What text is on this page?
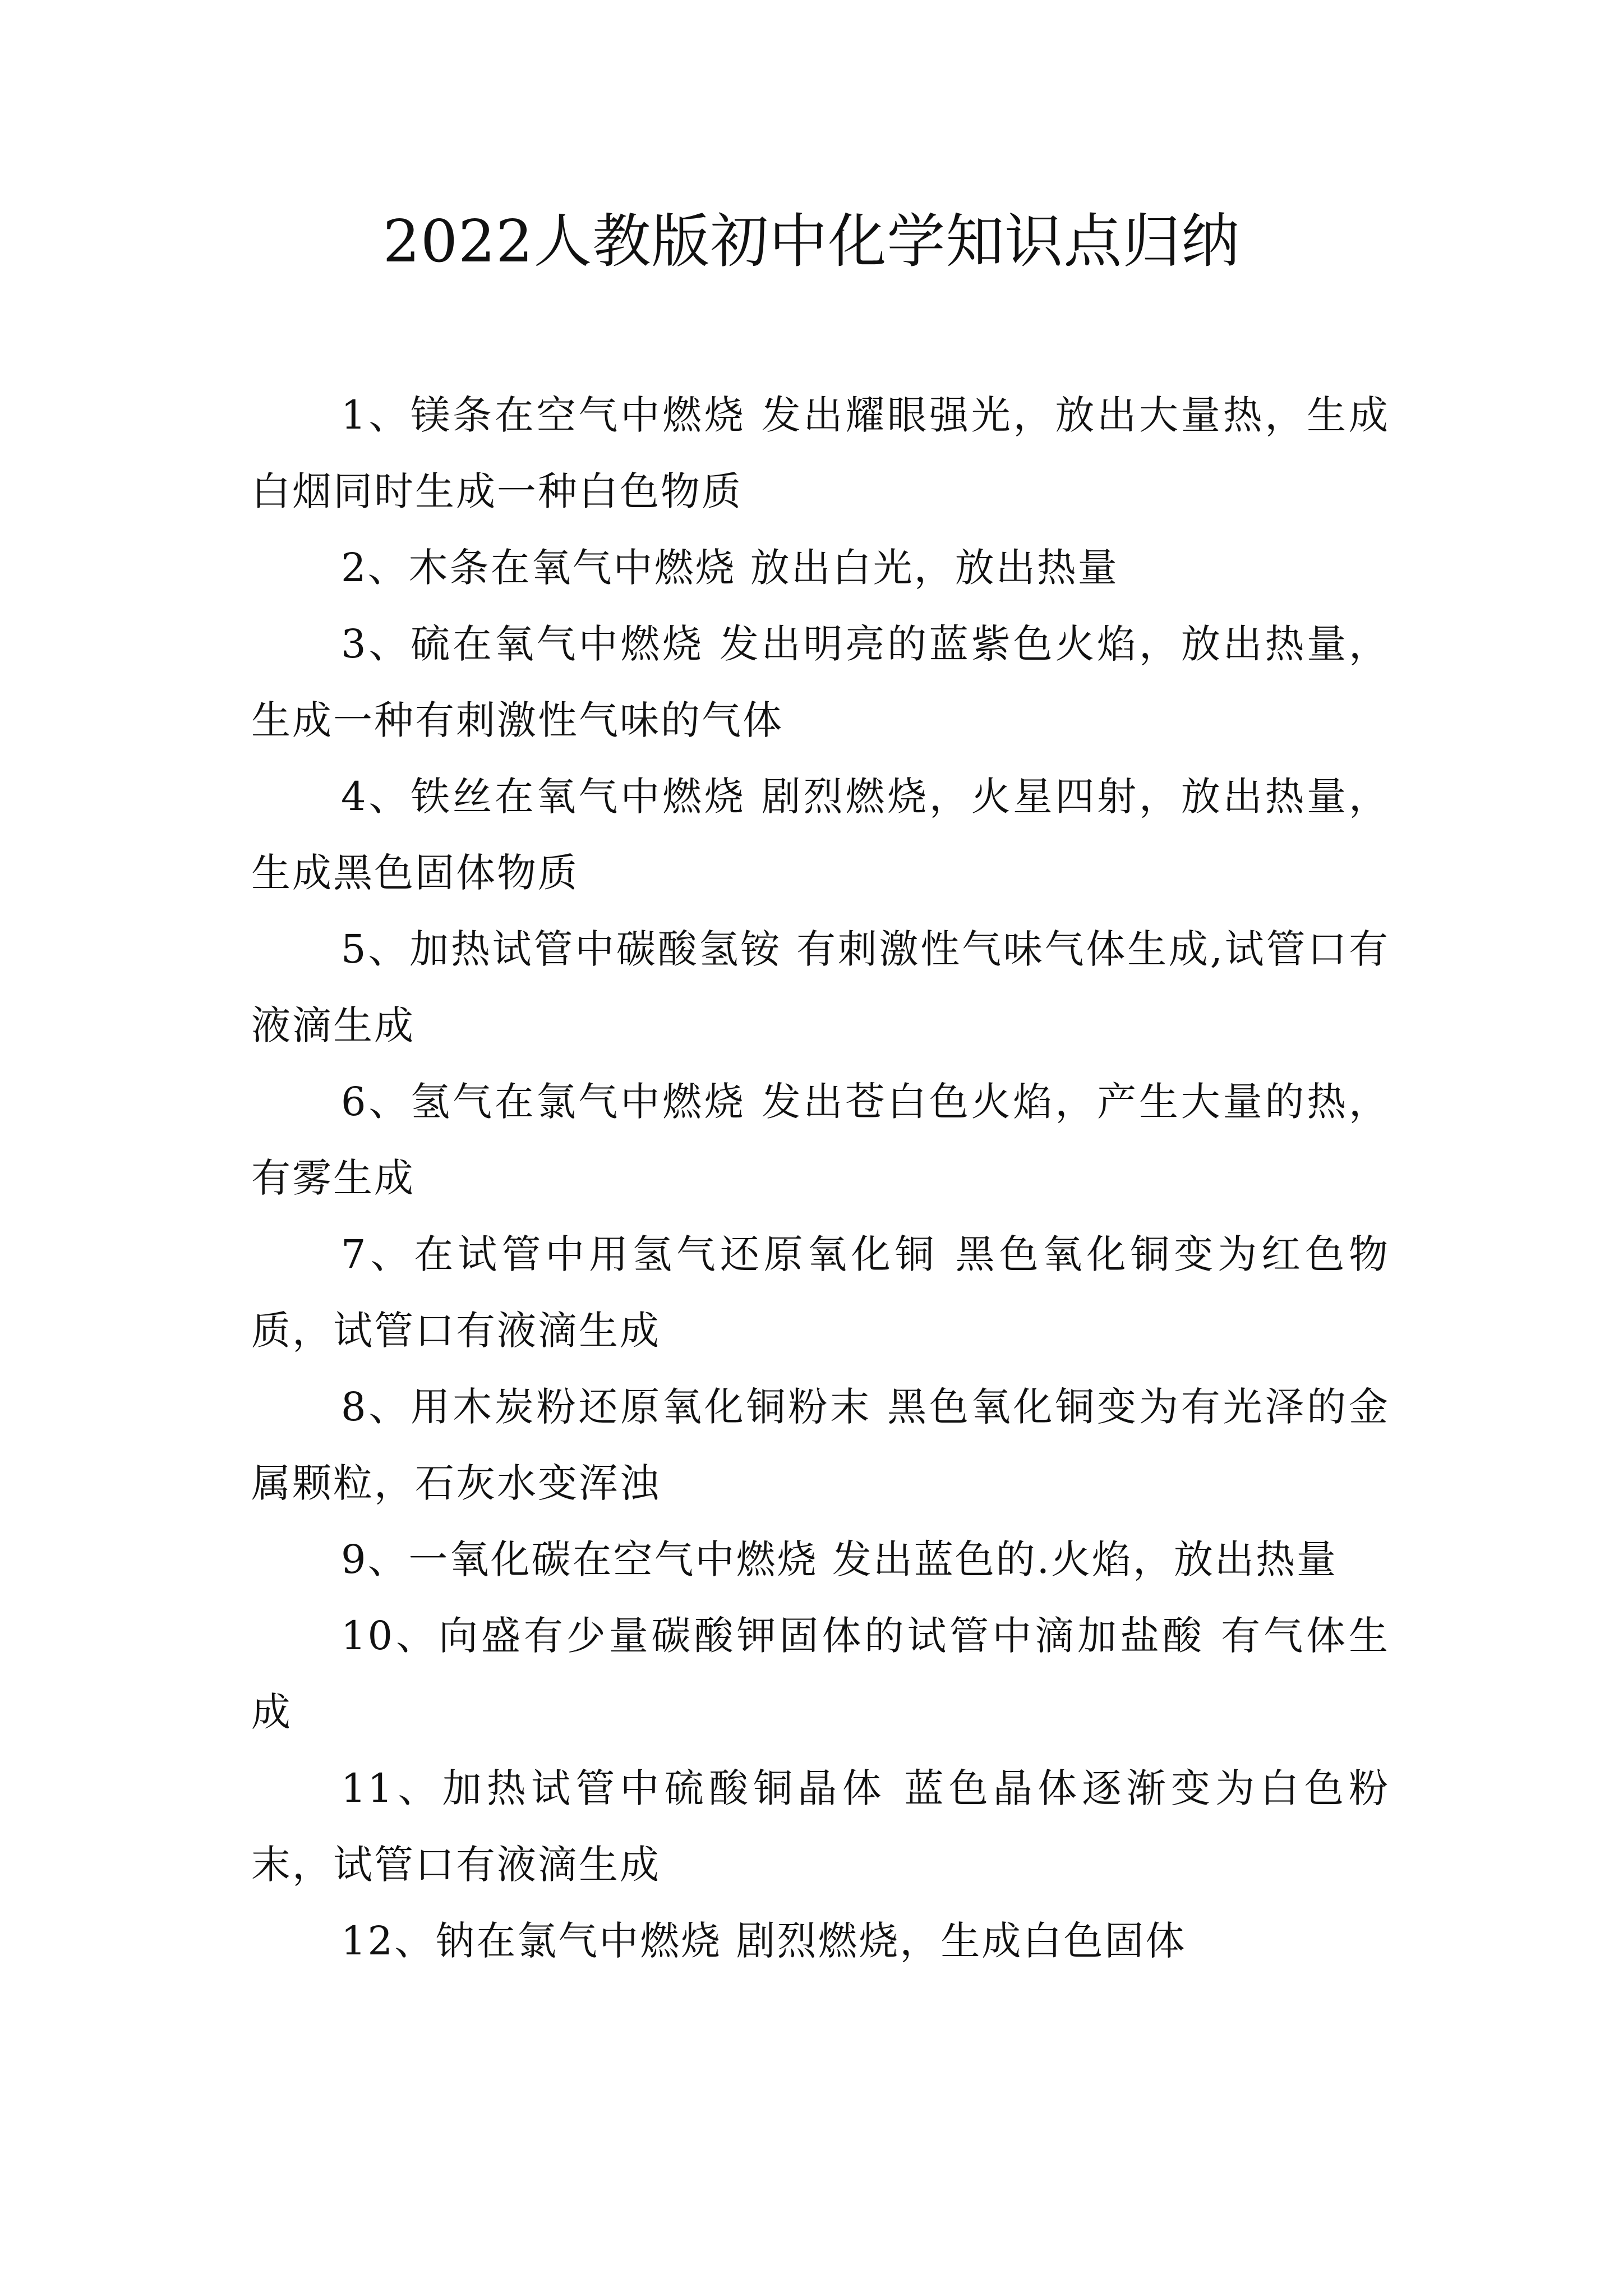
2022人教版初中化学知识点归纳

1、镁条在空气中燃烧 发出耀眼强光，放出大量热，生成白烟同时生成一种白色物质

2、木条在氧气中燃烧 放出白光，放出热量

3、硫在氧气中燃烧 发出明亮的蓝紫色火焰，放出热量，生成一种有刺激性气味的气体

4、铁丝在氧气中燃烧 剧烈燃烧，火星四射，放出热量，生成黑色固体物质

5、加热试管中碳酸氢铵 有刺激性气味气体生成,试管口有液滴生成

6、氢气在氯气中燃烧 发出苍白色火焰，产生大量的热，有雾生成

7、在试管中用氢气还原氧化铜 黑色氧化铜变为红色物质，试管口有液滴生成

8、用木炭粉还原氧化铜粉末 黑色氧化铜变为有光泽的金属颗粒，石灰水变浑浊

9、一氧化碳在空气中燃烧 发出蓝色的.火焰，放出热量

10、向盛有少量碳酸钾固体的试管中滴加盐酸 有气体生成

11、加热试管中硫酸铜晶体 蓝色晶体逐渐变为白色粉末，试管口有液滴生成

12、钠在氯气中燃烧 剧烈燃烧，生成白色固体
